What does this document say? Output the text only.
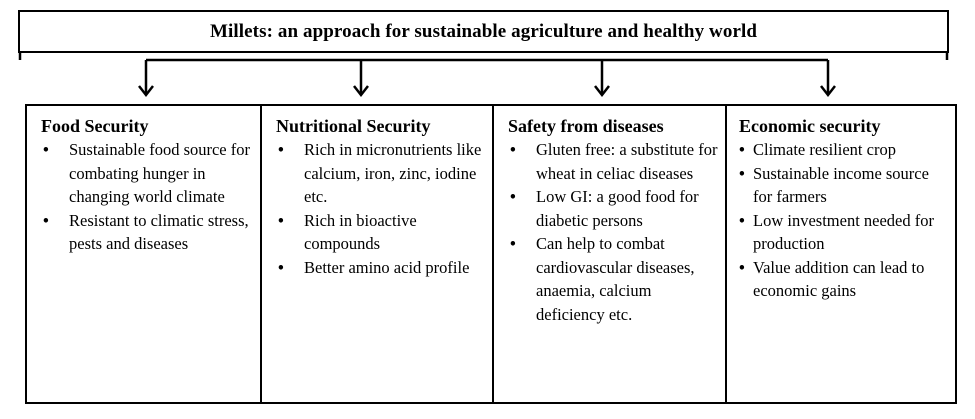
Millets: an approach for sustainable agriculture and healthy world
Food Security
• Sustainable food source for combating hunger in changing world climate
• Resistant to climatic stress, pests and diseases
Nutritional Security
• Rich in micronutrients like calcium, iron, zinc, iodine etc.
• Rich in bioactive compounds
• Better amino acid profile
Safety from diseases
• Gluten free: a substitute for wheat in celiac diseases
• Low GI: a good food for diabetic persons
• Can help to combat cardiovascular diseases, anaemia, calcium deficiency etc.
Economic security
• Climate resilient crop
• Sustainable income source for farmers
• Low investment needed for production
• Value addition can lead to economic gains
